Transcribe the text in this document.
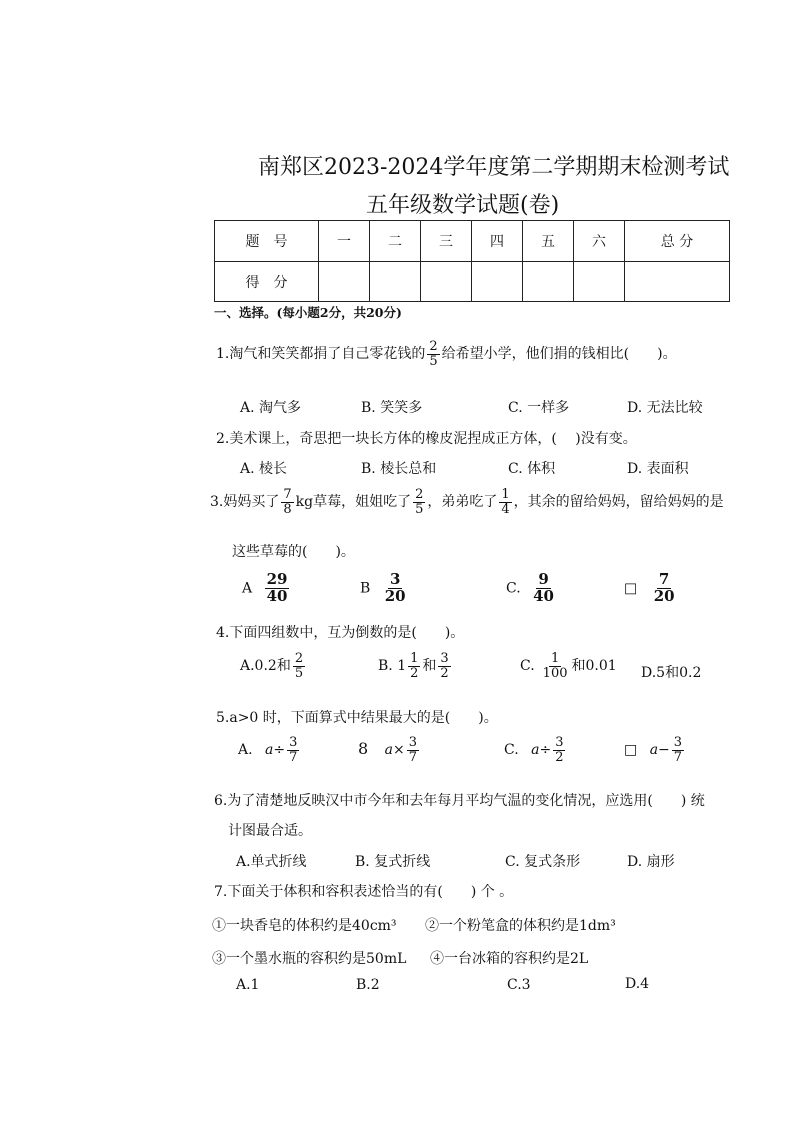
南郑区2023-2024学年度第二学期期末检测考试
五年级数学试题(卷)
题　号	一	二	三	四	五	六	总 分
得　分							
一、选择。(每小题2分，共20分)
1.淘气和笑笑都捐了自己零花钱的 $\frac{2}{5}$ 给希望小学，他们捐的钱相比(　　)。
A. 淘气多	B. 笑笑多	C. 一样多	D. 无法比较
2.美术课上，奇思把一块长方体的橡皮泥捏成正方体，(　 )没有变。
A. 棱长	B. 棱长总和	C. 体积	D. 表面积
3.妈妈买了 $\frac{7}{8}$ kg草莓，姐姐吃了 $\frac{2}{5}$ ，弟弟吃了 $\frac{1}{4}$ ，其余的留给妈妈，留给妈妈的是
这些草莓的(　　)。
A $\frac{29}{40}$	B $\frac{3}{20}$	C. $\frac{9}{40}$	□ $\frac{7}{20}$
4.下面四组数中，互为倒数的是(　　)。
A.0.2和 $\frac{2}{5}$	B. $1 \frac{1}{2}$ 和 $\frac{3}{2}$	C. $\frac{1}{100}$ 和0.01 D.5和0.2
5.a>0 时，下面算式中结果最大的是(　　)。
A. $a\div \frac{3}{7}$	8 $a\times \frac{3}{7}$	C. $a\div \frac{3}{2}$	□ $a- \frac{3}{7}$
6.为了清楚地反映汉中市今年和去年每月平均气温的变化情况，应选用(　　) 统
计图最合适。
A.单式折线	B. 复式折线	C. 复式条形	D. 扇形
7.下面关于体积和容积表述恰当的有(　　) 个 。
①一块香皂的体积约是40cm³ ②一个粉笔盒的体积约是1dm³
③一个墨水瓶的容积约是50mL ④一台冰箱的容积约是2L
A.1	B.2	C.3	D.4
